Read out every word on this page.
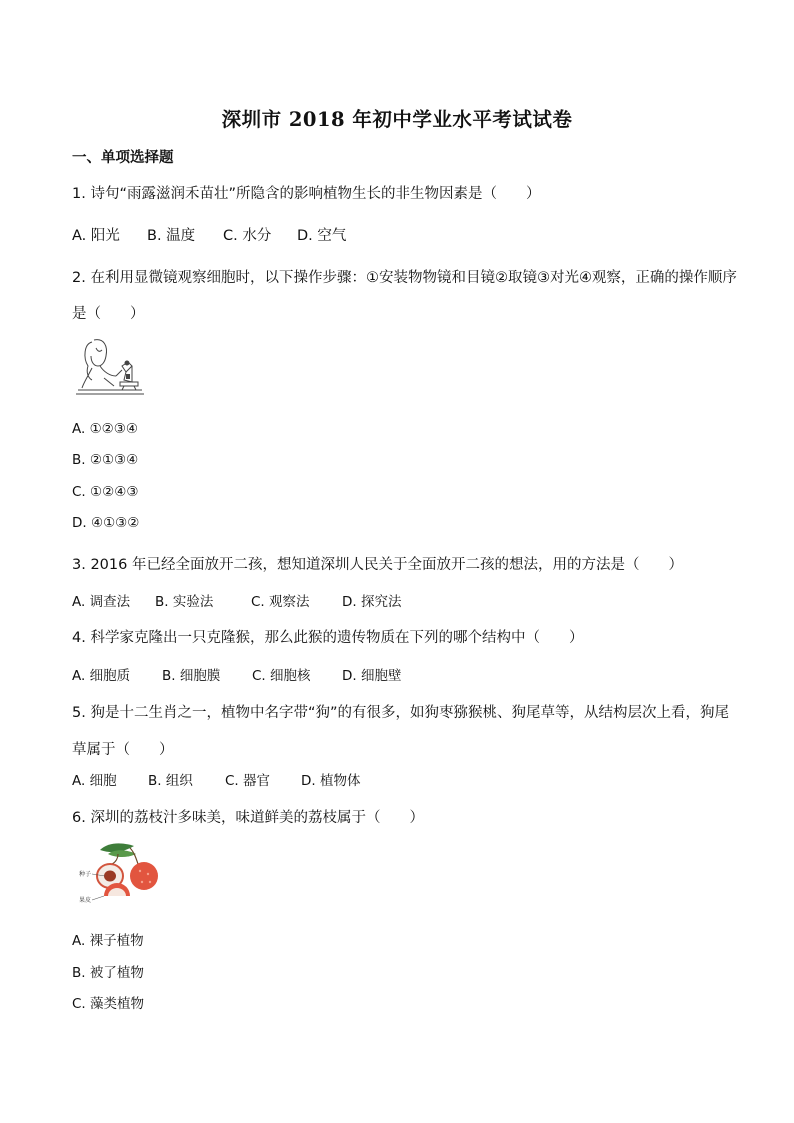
深圳市 2018 年初中学业水平考试试卷
一、单项选择题
1. 诗句“雨露滋润禾苗壮”所隐含的影响植物生长的非生物因素是（　　）
A. 阳光 B. 温度 C. 水分 D. 空气
2. 在利用显微镜观察细胞时，以下操作步骤：①安装物物镜和目镜②取镜③对光④观察，正确的操作顺序
是（　　）
A. ①②③④
B. ②①③④
C. ①②④③
D. ④①③②
3. 2016 年已经全面放开二孩，想知道深圳人民关于全面放开二孩的想法，用的方法是（　　）
A. 调查法 B. 实验法	C. 观察法 D. 探究法
4. 科学家克隆出一只克隆猴，那么此猴的遗传物质在下列的哪个结构中（　　）
A. 细胞质 B. 细胞膜 C. 细胞核 D. 细胞壁
5. 狗是十二生肖之一，植物中名字带“狗”的有很多，如狗枣猕猴桃、狗尾草等，从结构层次上看，狗尾
草属于（　　）
A. 细胞 B. 组织 C. 器官 D. 植物体
6. 深圳的荔枝汁多味美，味道鲜美的荔枝属于（　　）
种子
果皮
A. 裸子植物
B. 被了植物
C. 藻类植物
